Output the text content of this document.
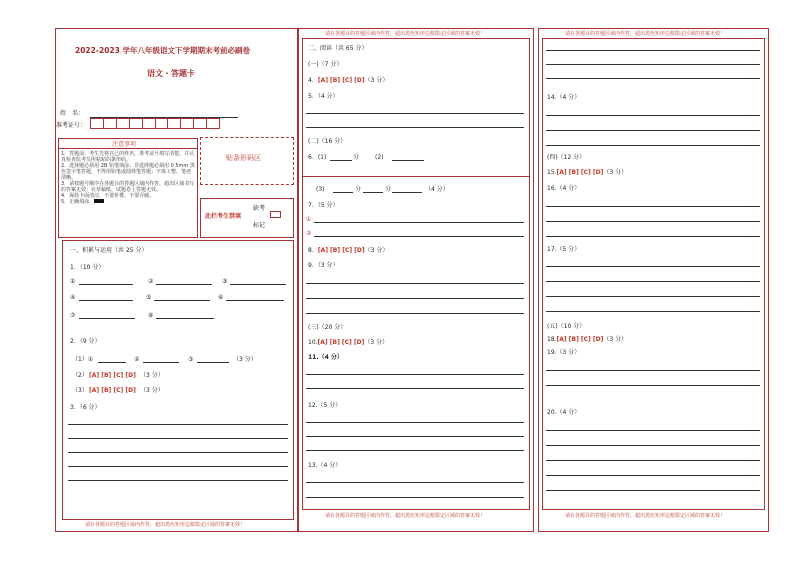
2022-2023 学年八年级语文下学期期末考前必刷卷
语文・答题卡
姓　名：
准考证号：
注意事项
1．答题前，考生先将自己的姓名，准考证号填写清楚，并认真检查监考员所粘贴的条形码。
2．选择题必须用 2B 铅笔填涂；非选择题必须用 0.5mm 黑色签字笔答题，不得用铅笔或圆珠笔答题；字体工整、笔迹清晰。
3．请按题号顺序在各题目的答题区域内作答，超出区域书写的答案无效；在草稿纸、试题卷上答题无效。
4．保持卡面清洁，不要折叠、不要弄破。
5．正确填涂
贴条形码区
此栏考生禁填
缺考
标记
一、积累与运用（共 25 分）
1．（10 分）
①	②	③
④	⑤	⑥
⑦	⑧
2．（9 分）
（1）①	②	③	（3 分）
（2） [A] [B] [C] [D] （3 分）
（3） [A] [B] [C] [D] （3 分）
3．（6 分）
请在各题目的答题区域内作答，超出黑色矩形边框限定区域的答案无效！
请在各题目的答题区域内作答，超出黑色矩形边框限定区域的答案无效！
请在各题目的答题区域内作答，超出黑色矩形边框限定区域的答案无效！
二、阅读（共 65 分）
(一)（7 分）
4．[A] [B] [C] [D]（3 分）
5．（4 分）
(二)（16 分）
6．(1)	分	(2)
(3)	分	分	（4 分）
7．（5 分）
①
②
8．[A] [B] [C] [D]（3 分）
9．（3 分）
(三)（20 分）
10.[A] [B] [C] [D]（3 分）
11.（4 分）
12.（5 分）
13.（4 分）
请在各题目的答题区域内作答，超出黑色矩形边框限定区域的答案无效！
请在各题目的答题区域内作答，超出黑色矩形边框限定区域的答案无效！
14.（4 分）
(四)（12 分）
15.[A] [B] [C] [D]（3 分）
16.（4 分）
17.（5 分）
(五)（10 分）
18.[A] [B] [C] [D]（3 分）
19.（3 分）
20.（4 分）
